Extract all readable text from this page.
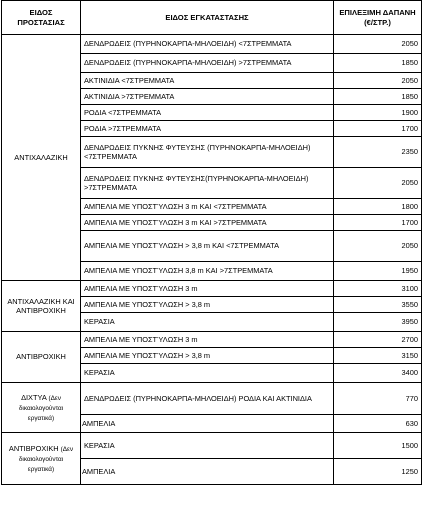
ΕΙΔΟΣ ΠΡΟΣΤΑΣΙΑΣ	ΕΙΔΟΣ ΕΓΚΑΤΑΣΤΑΣΗΣ	ΕΠΙΛΕΞΙΜΗ ΔΑΠΑΝΗ (€/ΣΤΡ.)
ΑΝΤΙΧΑΛΑΖΙΚΗ	ΔΕΝΔΡΩΔΕΙΣ (ΠΥΡΗΝΟΚΑΡΠΑ-ΜΗΛΟΕΙΔΗ) <7ΣΤΡΕΜΜΑΤΑ	2050
	ΔΕΝΔΡΩΔΕΙΣ (ΠΥΡΗΝΟΚΑΡΠΑ-ΜΗΛΟΕΙΔΗ) >7ΣΤΡΕΜΜΑΤΑ	1850
	ΑΚΤΙΝΙΔΙΑ <7ΣΤΡΕΜΜΑΤΑ	2050
	ΑΚΤΙΝΙΔΙΑ >7ΣΤΡΕΜΜΑΤΑ	1850
	ΡΟΔΙΑ <7ΣΤΡΕΜΜΑΤΑ	1900
	ΡΟΔΙΑ >7ΣΤΡΕΜΜΑΤΑ	1700
	ΔΕΝΔΡΩΔΕΙΣ ΠΥΚΝΗΣ ΦΥΤΕΥΣΗΣ (ΠΥΡΗΝΟΚΑΡΠΑ-ΜΗΛΟΕΙΔΗ) <7ΣΤΡΕΜΜΑΤΑ	2350
	ΔΕΝΔΡΩΔΕΙΣ ΠΥΚΝΗΣ ΦΥΤΕΥΣΗΣ(ΠΥΡΗΝΟΚΑΡΠΑ-ΜΗΛΟΕΙΔΗ) >7ΣΤΡΕΜΜΑΤΑ	2050
	ΑΜΠΕΛΙΑ ΜΕ ΥΠΟΣΤΎΛΩΣΗ 3 m ΚΑΙ <7ΣΤΡΕΜΜΑΤΑ	1800
	ΑΜΠΕΛΙΑ ΜΕ ΥΠΟΣΤΎΛΩΣΗ 3 m ΚΑΙ >7ΣΤΡΕΜΜΑΤΑ	1700
	ΑΜΠΕΛΙΑ ΜΕ ΥΠΟΣΤΎΛΩΣΗ > 3,8 m ΚΑΙ <7ΣΤΡΕΜΜΑΤΑ	2050
	ΑΜΠΕΛΙΑ ΜΕ ΥΠΟΣΤΎΛΩΣΗ 3,8 m ΚΑΙ >7ΣΤΡΕΜΜΑΤΑ	1950
ΑΝΤΙΧΑΛΑΖΙΚΗ ΚΑΙ ΑΝΤΙΒΡΟΧΙΚΗ	ΑΜΠΕΛΙΑ ΜΕ ΥΠΟΣΤΎΛΩΣΗ 3 m	3100
	ΑΜΠΕΛΙΑ ΜΕ ΥΠΟΣΤΎΛΩΣΗ > 3,8 m	3550
	ΚΕΡΑΣΙΑ	3950
ΑΝΤΙΒΡΟΧΙΚΗ	ΑΜΠΕΛΙΑ ΜΕ ΥΠΟΣΤΎΛΩΣΗ 3 m	2700
	ΑΜΠΕΛΙΑ ΜΕ ΥΠΟΣΤΎΛΩΣΗ > 3,8 m	3150
	ΚΕΡΑΣΙΑ	3400
ΔΙΧΤΥΑ (Δεν δικαιολογούνται εργατικά)	ΔΕΝΔΡΩΔΕΙΣ (ΠΥΡΗΝΟΚΑΡΠΑ-ΜΗΛΟΕΙΔΗ) ΡΟΔΙΑ ΚΑΙ ΑΚΤΙΝΙΔΙΑ	770
	ΑΜΠΕΛΙΑ	630
ΑΝΤΙΒΡΟΧΙΚΗ (Δεν δικαιολογούνται εργατικά)	ΚΕΡΑΣΙΑ	1500
	ΑΜΠΕΛΙΑ	1250
